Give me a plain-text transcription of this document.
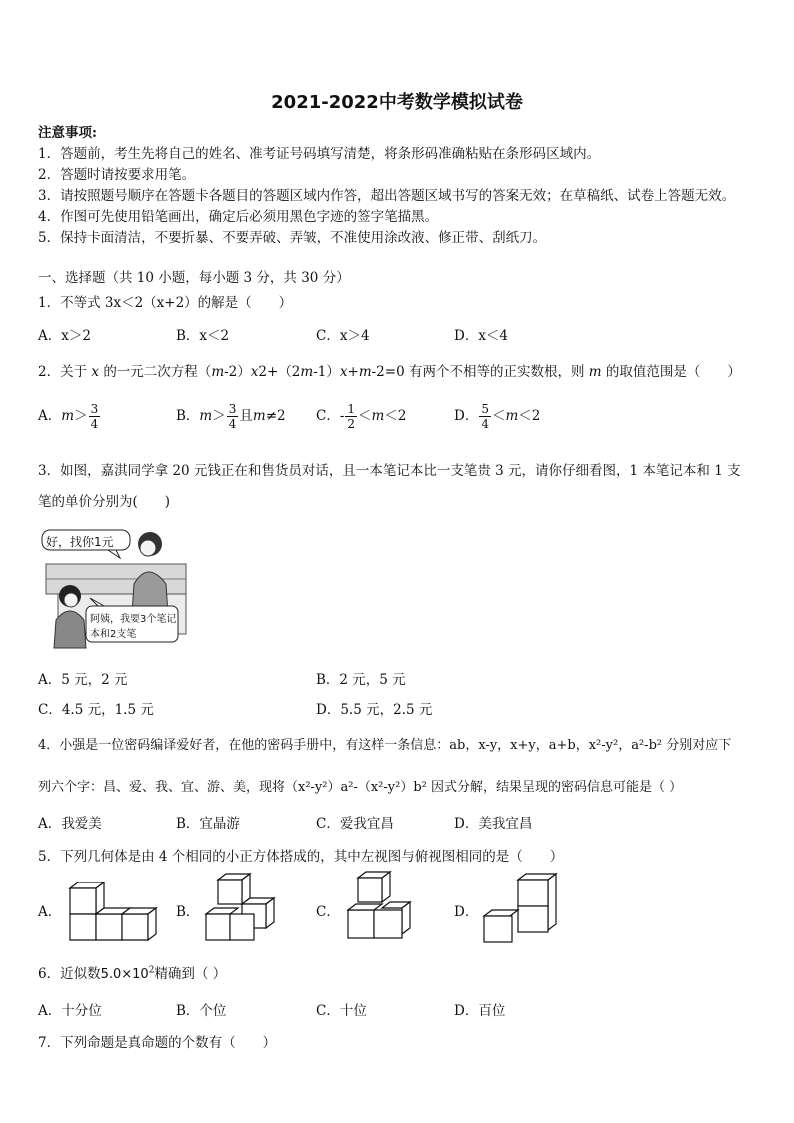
2021-2022中考数学模拟试卷
注意事项:
1．答题前，考生先将自己的姓名、准考证号码填写清楚，将条形码准确粘贴在条形码区域内。
2．答题时请按要求用笔。
3．请按照题号顺序在答题卡各题目的答题区域内作答，超出答题区域书写的答案无效；在草稿纸、试卷上答题无效。
4．作图可先使用铅笔画出，确定后必须用黑色字迹的签字笔描黑。
5．保持卡面清洁，不要折暴、不要弄破、弄皱，不准使用涂改液、修正带、刮纸刀。
一、选择题（共 10 小题，每小题 3 分，共 30 分）
1．不等式 3x＜2（x+2）的解是（　　）
A．x＞2	B．x＜2	C．x＞4	D．x＜4
2．关于 x 的一元二次方程（m-2）x2+（2m-1）x+m-2=0 有两个不相等的正实数根，则 m 的取值范围是（　　）
A．$m> \frac{3}{4}$	B．$m> \frac{3}{4}$ 且m≠2 C．- $\frac{1}{2} <m<2$	D． $\frac{5}{4} <m<2$
3．如图，嘉淇同学拿 20 元钱正在和售货员对话，且一本笔记本比一支笔贵 3 元，请你仔细看图，1 本笔记本和 1 支
笔的单价分别为(　　)
好，找你1元
阿姨，我要3个笔记
本和2支笔
A．5 元，2 元	B．2 元，5 元
C．4.5 元，1.5 元	D．5.5 元，2.5 元
4．小强是一位密码编译爱好者，在他的密码手册中，有这样一条信息：ab，x-y，x+y，a+b，x²-y²，a²-b² 分别对应下
列六个字：昌、爱、我、宜、游、美，现将（x²-y²）a²-（x²-y²）b² 因式分解，结果呈现的密码信息可能是（ ）
A．我爱美	B．宜晶游	C．爱我宜昌	D．美我宜昌
5．下列几何体是由 4 个相同的小正方体搭成的，其中左视图与俯视图相同的是（　　）
A．	B．	C．	D．
6．近似数$5.0\times 10^2$精确到（ ）
A．十分位	B．个位	C．十位	D．百位
7．下列命题是真命题的个数有（　　）
